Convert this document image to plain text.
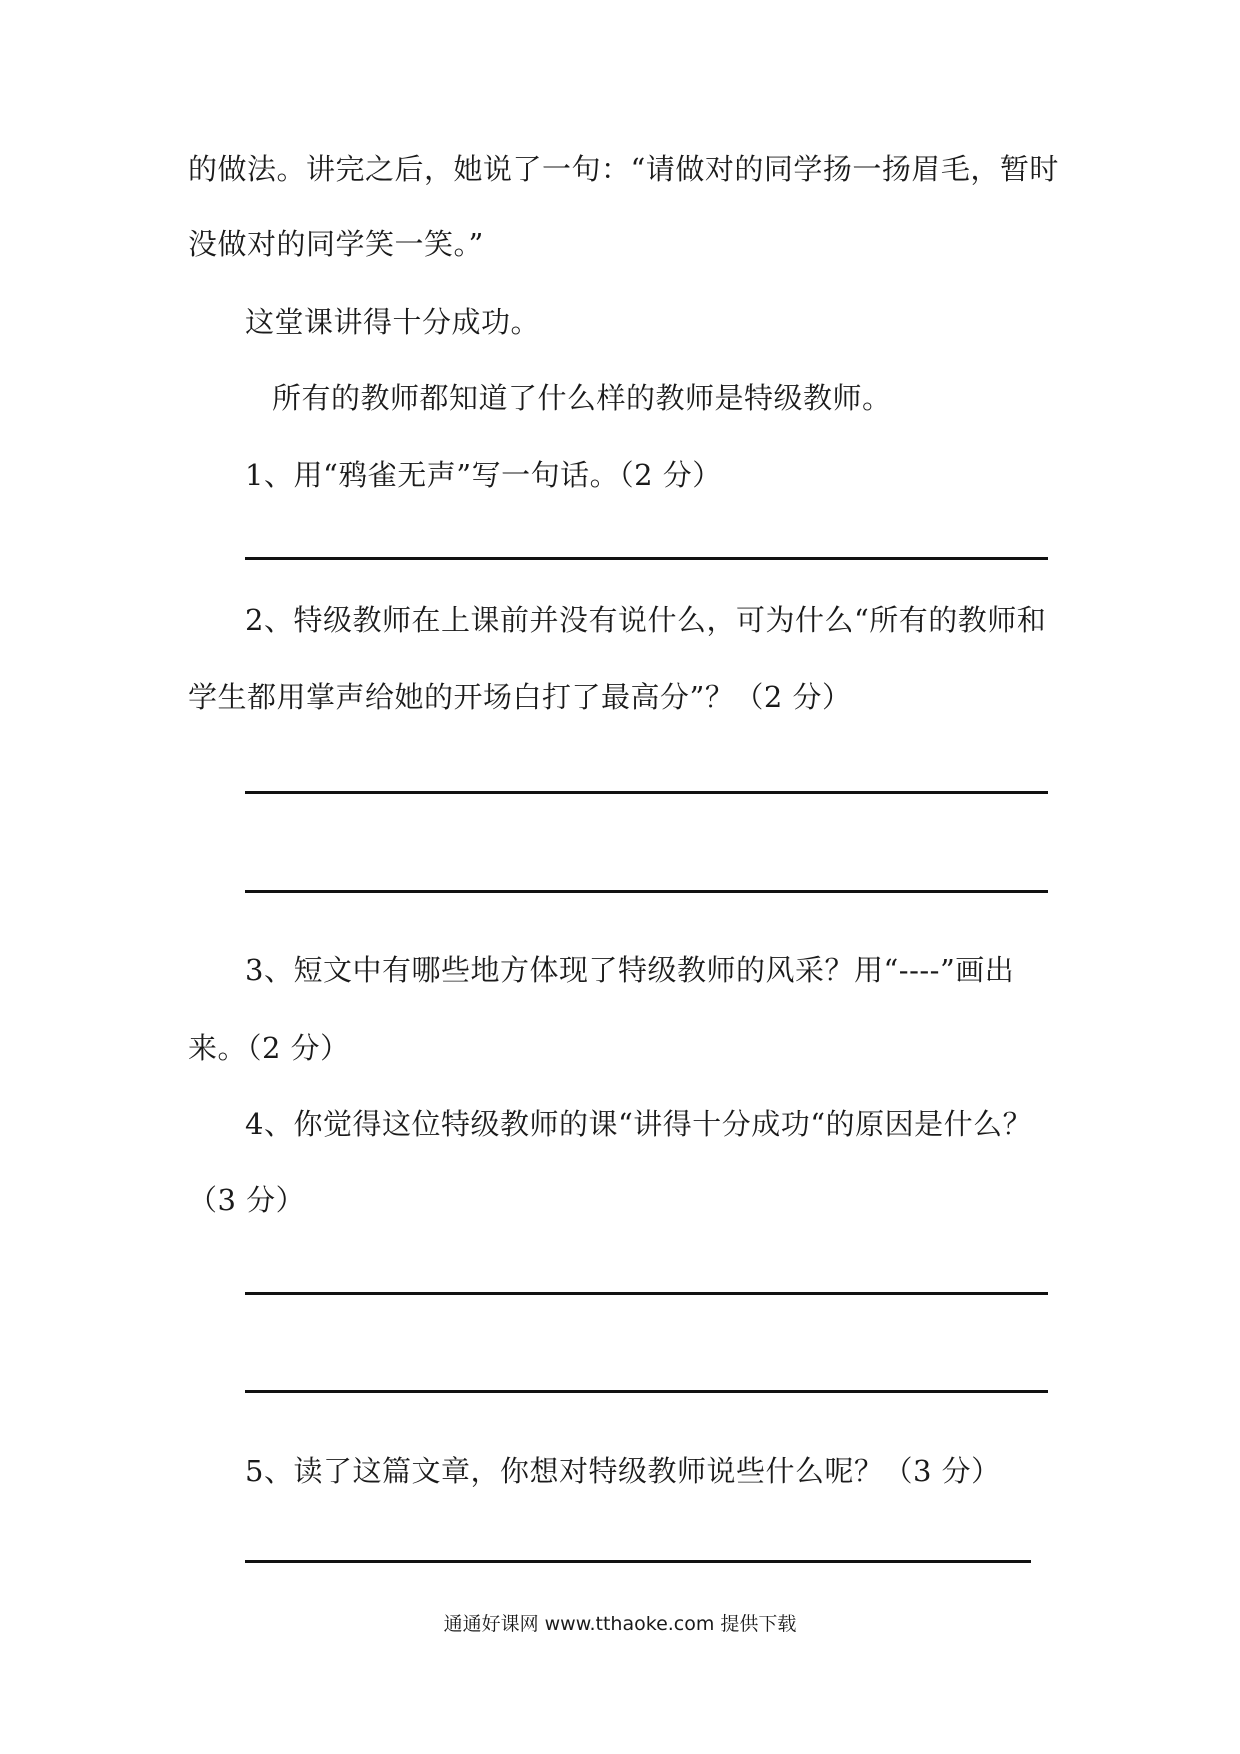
的做法。讲完之后，她说了一句：“请做对的同学扬一扬眉毛，暂时
没做对的同学笑一笑。”
这堂课讲得十分成功。
所有的教师都知道了什么样的教师是特级教师。
1、用“鸦雀无声”写一句话。（2 分）
2、特级教师在上课前并没有说什么，可为什么“所有的教师和
学生都用掌声给她的开场白打了最高分”？（2 分）
3、短文中有哪些地方体现了特级教师的风采？用“----”画出
来。（2 分）
4、你觉得这位特级教师的课“讲得十分成功“的原因是什么？
（3 分）
5、读了这篇文章，你想对特级教师说些什么呢？（3 分）
通通好课网 www.tthaoke.com 提供下载
